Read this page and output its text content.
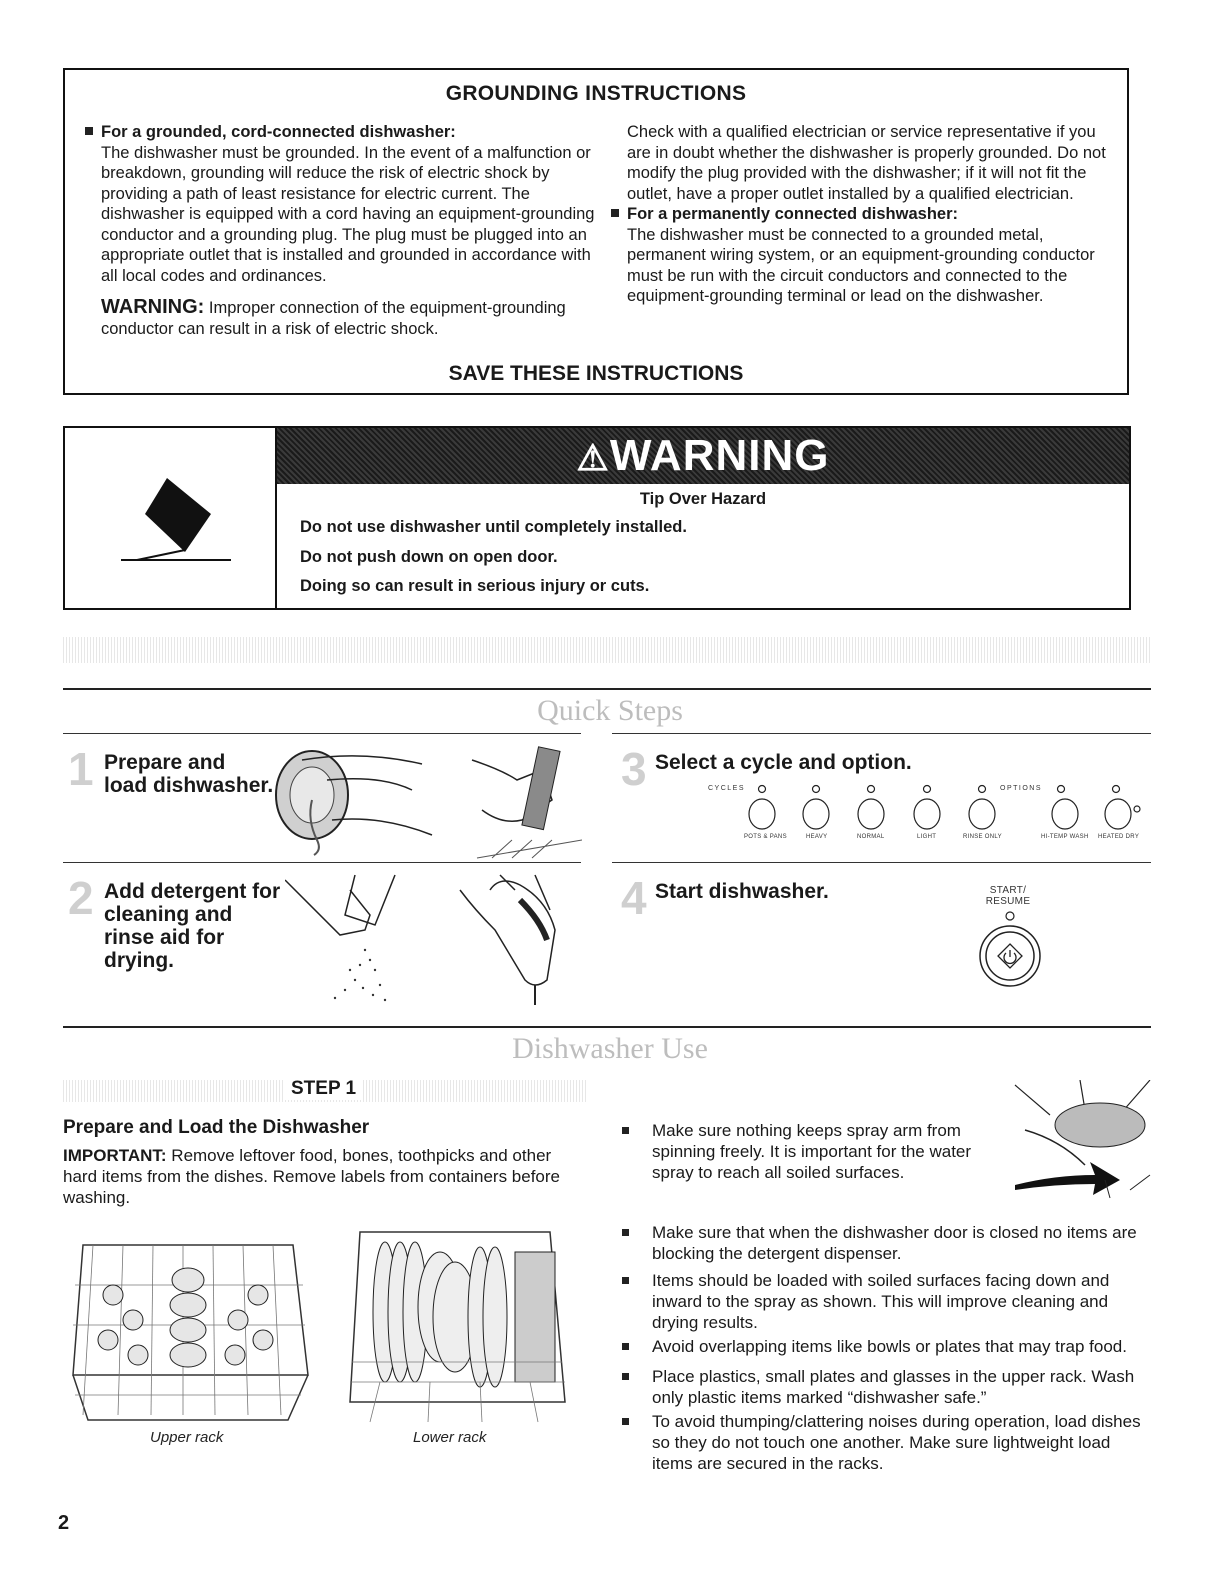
GROUNDING INSTRUCTIONS
For a grounded, cord-connected dishwasher:
The dishwasher must be grounded. In the event of a malfunction or breakdown, grounding will reduce the risk of electric shock by providing a path of least resistance for electric current. The dishwasher is equipped with a cord having an equipment-grounding conductor and a grounding plug. The plug must be plugged into an appropriate outlet that is installed and grounded in accordance with all local codes and ordinances.
WARNING: Improper connection of the equipment-grounding conductor can result in a risk of electric shock.
Check with a qualified electrician or service representative if you are in doubt whether the dishwasher is properly grounded. Do not modify the plug provided with the dishwasher; if it will not fit the outlet, have a proper outlet installed by a qualified electrician.
For a permanently connected dishwasher:
The dishwasher must be connected to a grounded metal, permanent wiring system, or an equipment-grounding conductor must be run with the circuit conductors and connected to the equipment-grounding terminal or lead on the dishwasher.
SAVE THESE INSTRUCTIONS
⚠WARNING
Tip Over Hazard
Do not use dishwasher until completely installed.
Do not push down on open door.
Doing so can result in serious injury or cuts.
Quick Steps
1 Prepare and load dishwasher.	3 Select a cycle and option.
CYCLES	OPTIONS
POTS & PANS	HEAVY	NORMAL	LIGHT	RINSE ONLY	HI-TEMP WASH HEATED DRY
2 Add detergent for cleaning and rinse aid for drying.
4 Start dishwasher.	START/
RESUME
Dishwasher Use
STEP 1
Prepare and Load the Dishwasher
IMPORTANT: Remove leftover food, bones, toothpicks and other hard items from the dishes. Remove labels from containers before washing.
Upper rack	Lower rack
Make sure nothing keeps spray arm from spinning freely. It is important for the water spray to reach all soiled surfaces.
Make sure that when the dishwasher door is closed no items are blocking the detergent dispenser.
Items should be loaded with soiled surfaces facing down and inward to the spray as shown. This will improve cleaning and drying results.
Avoid overlapping items like bowls or plates that may trap food.
Place plastics, small plates and glasses in the upper rack. Wash only plastic items marked “dishwasher safe.”
To avoid thumping/clattering noises during operation, load dishes so they do not touch one another. Make sure lightweight load items are secured in the racks.
2
